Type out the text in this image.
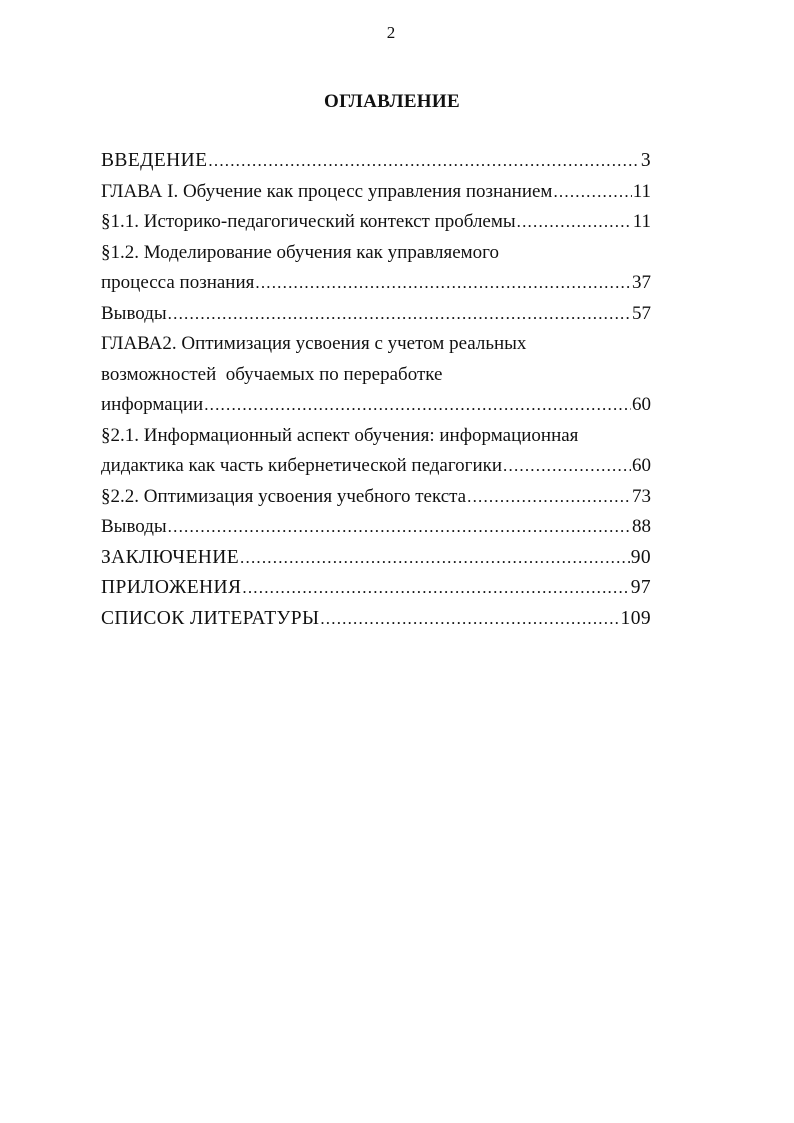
2
ОГЛАВЛЕНИЕ
ВВЕДЕНИЕ .....	3
ГЛАВА I. Обучение как процесс управления познанием .....	11
§1.1. Историко-педагогический контекст проблемы .....	11
§1.2. Моделирование обучения как управляемого
процесса познания .....	37
Выводы .....	57
ГЛАВА2. Оптимизация усвоения с учетом реальных
возможностей  обучаемых по переработке
информации .....	60
§2.1. Информационный аспект обучения: информационная
дидактика как часть кибернетической педагогики .....	60
§2.2. Оптимизация усвоения учебного текста .....	73
Выводы .....	88
ЗАКЛЮЧЕНИЕ .....	90
ПРИЛОЖЕНИЯ .....	97
СПИСОК ЛИТЕРАТУРЫ .....	109
